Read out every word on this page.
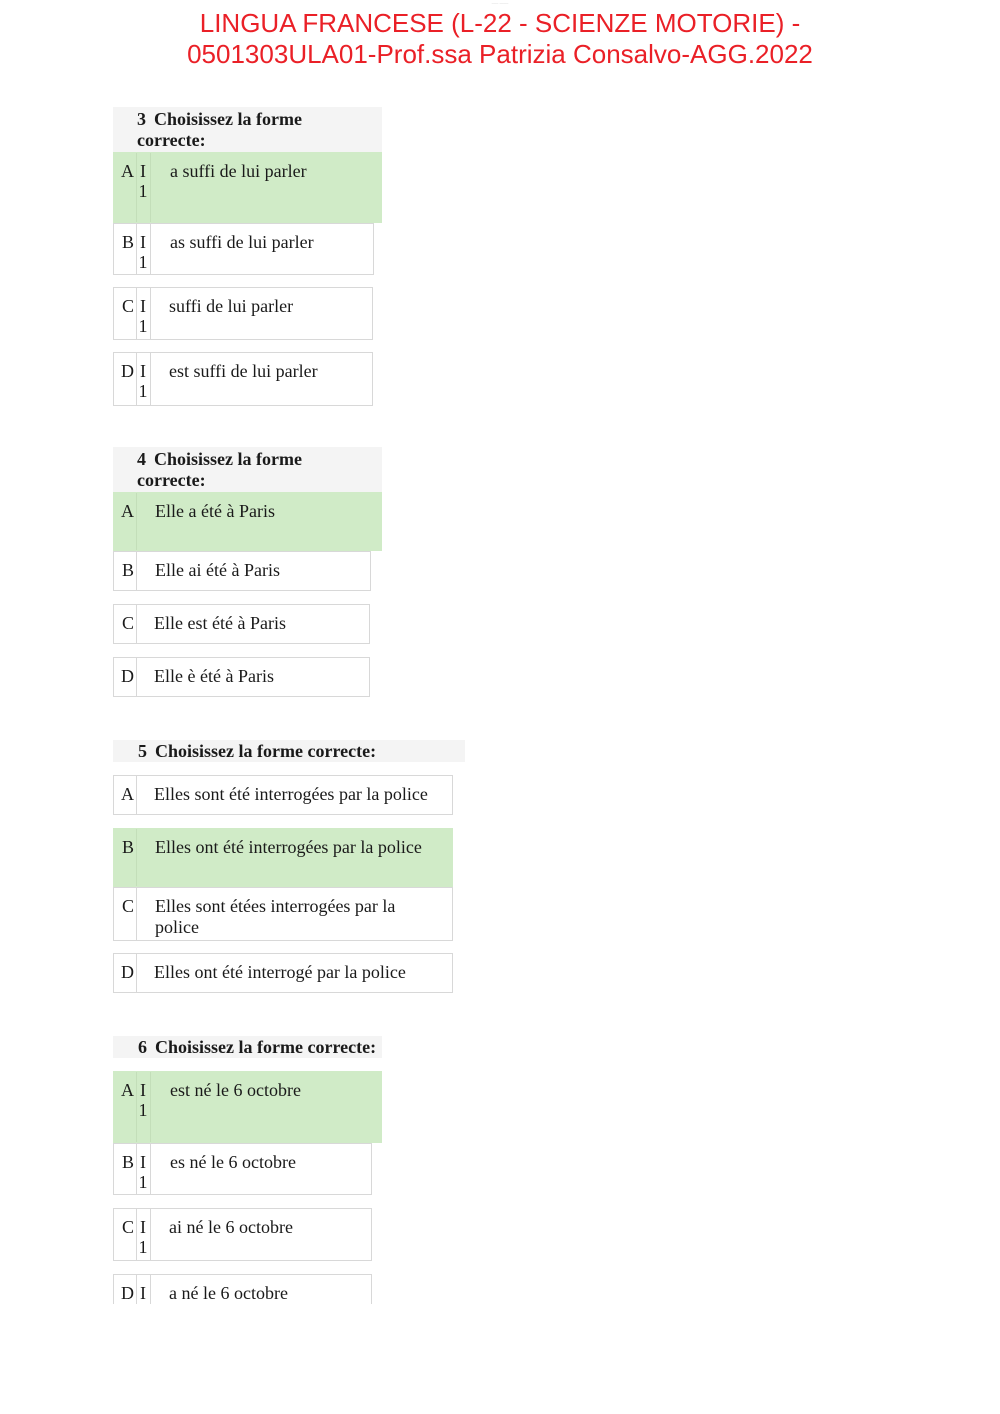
––– ––––
LINGUA FRANCESE (L-22 - SCIENZE MOTORIE) -
0501303ULA01-Prof.ssa Patrizia Consalvo-AGG.2022
3 Choisissez la forme correcte:
A I
1
a suffi de lui parler
B I
1
as suffi de lui parler
C I
1
suffi de lui parler
D I
1
est suffi de lui parler
4 Choisissez la forme correcte:
A Elle a été à Paris
B Elle ai été à Paris
C Elle est été à Paris
D Elle è été à Paris
5 Choisissez la forme correcte:
A Elles sont été interrogées par la police
B Elles ont été interrogées par la police
C Elles sont étées interrogées par la police
D Elles ont été interrogé par la police
6 Choisissez la forme correcte:
A I
1
est né le 6 octobre
B I
1
es né le 6 octobre
C I
1
ai né le 6 octobre
D I a né le 6 octobre
